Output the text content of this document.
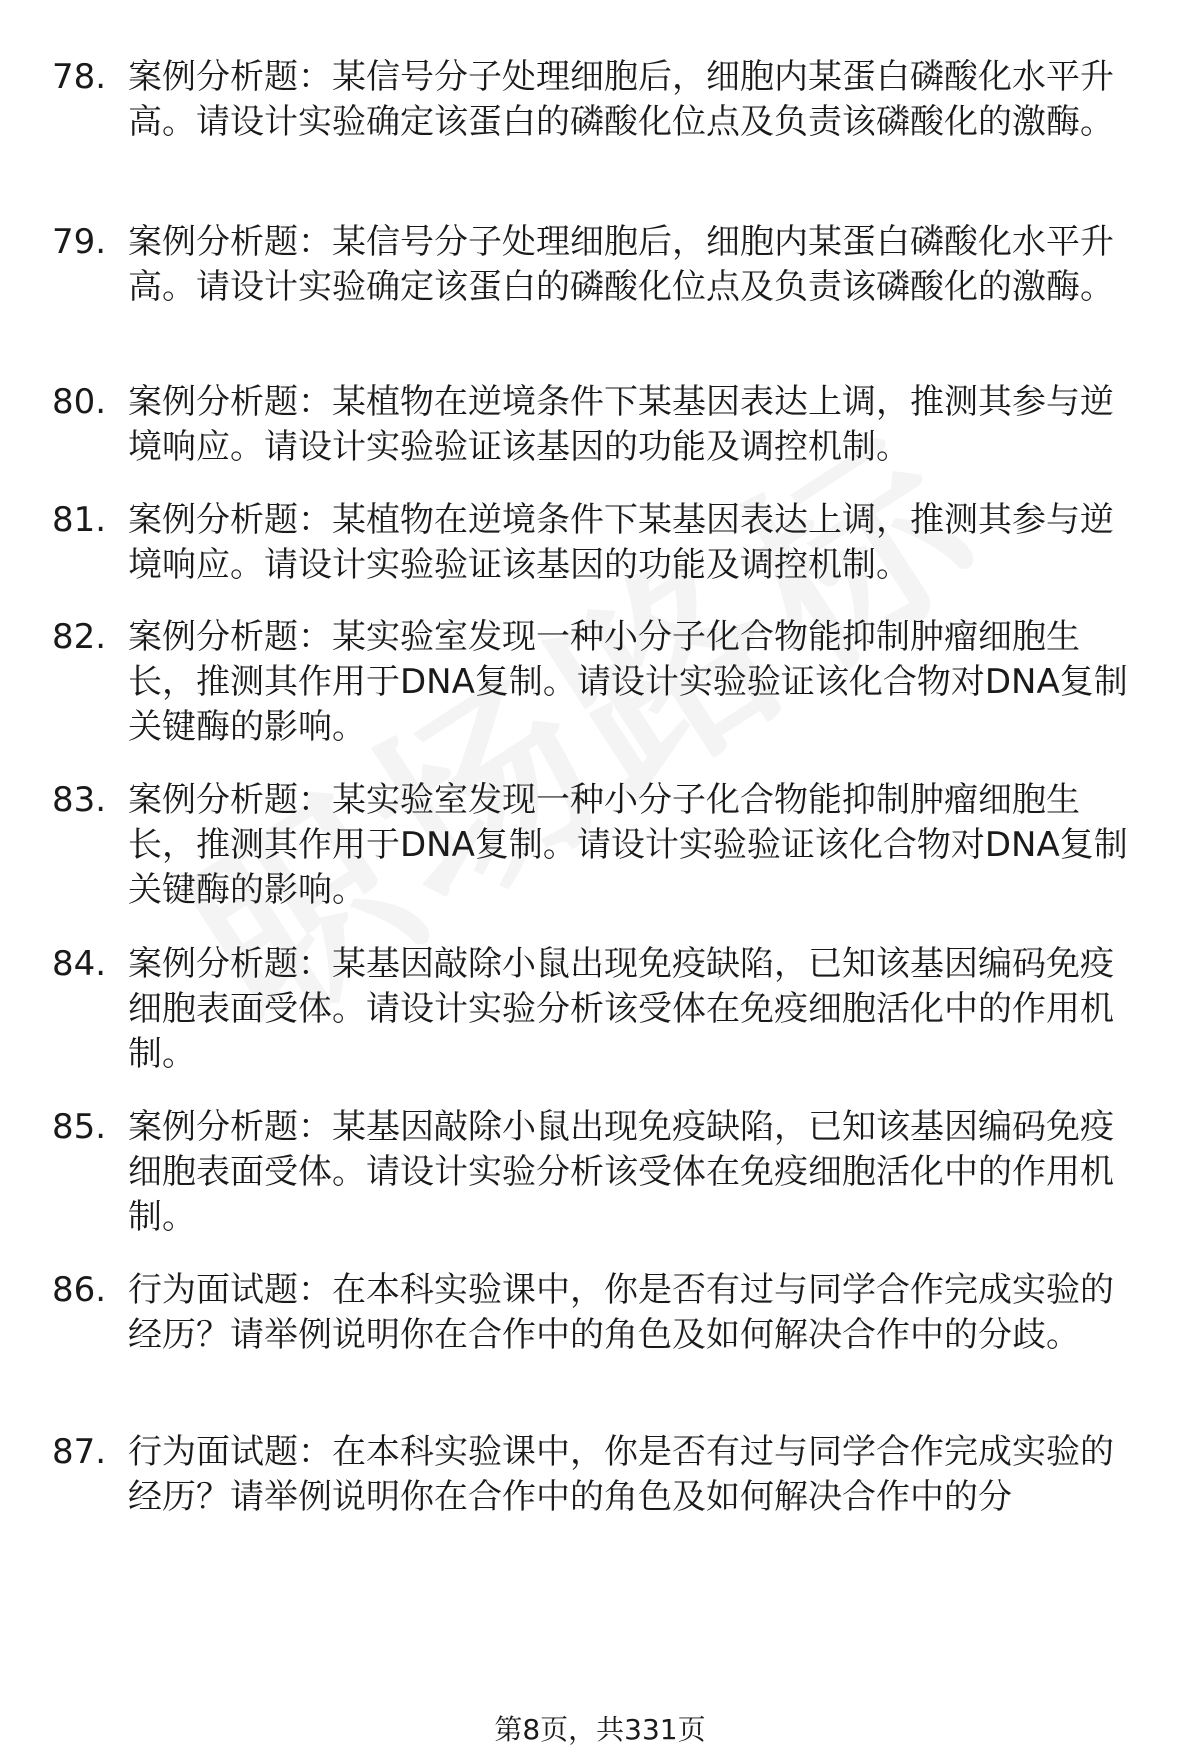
78. 案例分析题：某信号分子处理细胞后，细胞内某蛋白磷酸化水平升高。请设计实验确定该蛋白的磷酸化位点及负责该磷酸化的激酶。
79. 案例分析题：某信号分子处理细胞后，细胞内某蛋白磷酸化水平升高。请设计实验确定该蛋白的磷酸化位点及负责该磷酸化的激酶。
80. 案例分析题：某植物在逆境条件下某基因表达上调，推测其参与逆境响应。请设计实验验证该基因的功能及调控机制。
81. 案例分析题：某植物在逆境条件下某基因表达上调，推测其参与逆境响应。请设计实验验证该基因的功能及调控机制。
82. 案例分析题：某实验室发现一种小分子化合物能抑制肿瘤细胞生长，推测其作用于DNA复制。请设计实验验证该化合物对DNA复制关键酶的影响。
83. 案例分析题：某实验室发现一种小分子化合物能抑制肿瘤细胞生长，推测其作用于DNA复制。请设计实验验证该化合物对DNA复制关键酶的影响。
84. 案例分析题：某基因敲除小鼠出现免疫缺陷，已知该基因编码免疫细胞表面受体。请设计实验分析该受体在免疫细胞活化中的作用机制。
85. 案例分析题：某基因敲除小鼠出现免疫缺陷，已知该基因编码免疫细胞表面受体。请设计实验分析该受体在免疫细胞活化中的作用机制。
86. 行为面试题：在本科实验课中，你是否有过与同学合作完成实验的经历？请举例说明你在合作中的角色及如何解决合作中的分歧。
87. 行为面试题：在本科实验课中，你是否有过与同学合作完成实验的经历？请举例说明你在合作中的角色及如何解决合作中的分
第8页，共331页
